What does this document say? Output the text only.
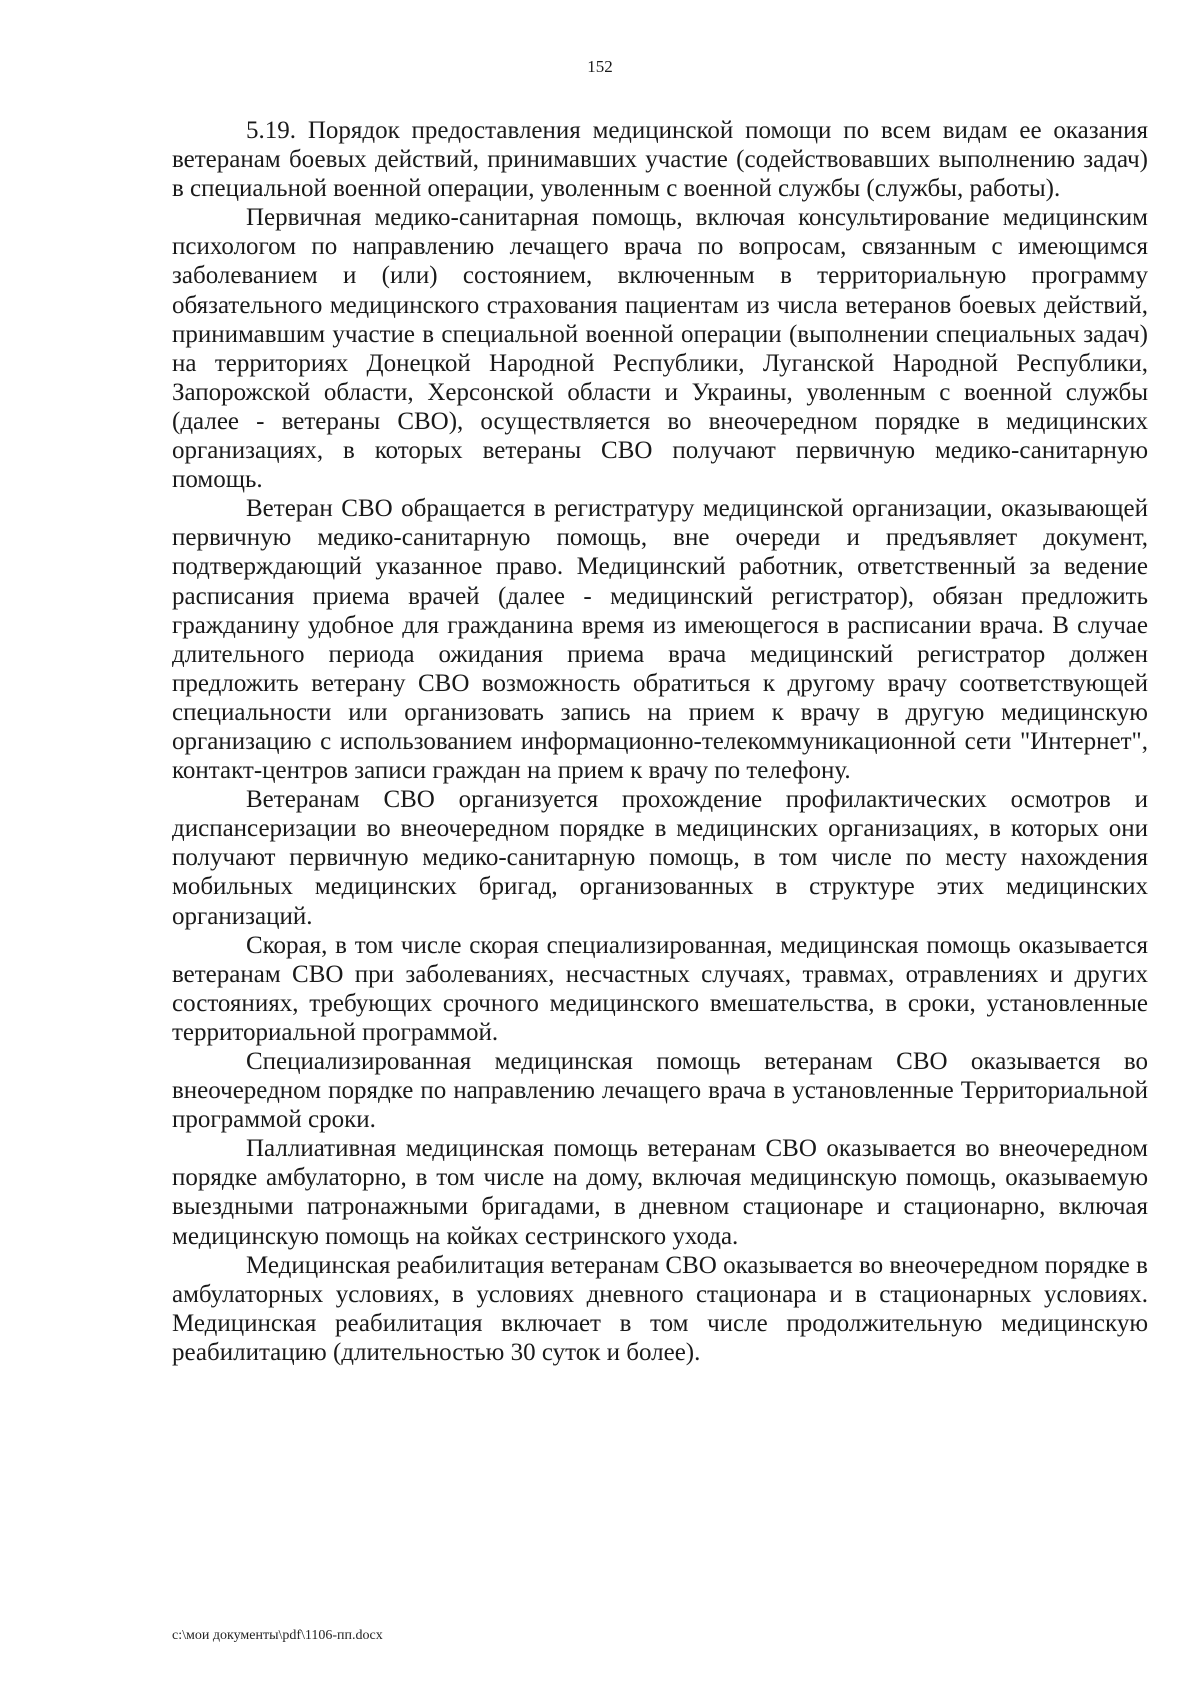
152

5.19. Порядок предоставления медицинской помощи по всем видам ее оказания ветеранам боевых действий, принимавших участие (содействовавших выполнению задач) в специальной военной операции, уволенным с военной службы (службы, работы).

Первичная медико-санитарная помощь, включая консультирование медицинским психологом по направлению лечащего врача по вопросам, связанным с имеющимся заболеванием и (или) состоянием, включенным в территориальную программу обязательного медицинского страхования пациентам из числа ветеранов боевых действий, принимавшим участие в специальной военной операции (выполнении специальных задач) на территориях Донецкой Народной Республики, Луганской Народной Республики, Запорожской области, Херсонской области и Украины, уволенным с военной службы (далее - ветераны СВО), осуществляется во внеочередном порядке в медицинских организациях, в которых ветераны СВО получают первичную медико-санитарную помощь.

Ветеран СВО обращается в регистратуру медицинской организации, оказывающей первичную медико-санитарную помощь, вне очереди и предъявляет документ, подтверждающий указанное право. Медицинский работник, ответственный за ведение расписания приема врачей (далее - медицинский регистратор), обязан предложить гражданину удобное для гражданина время из имеющегося в расписании врача. В случае длительного периода ожидания приема врача медицинский регистратор должен предложить ветерану СВО возможность обратиться к другому врачу соответствующей специальности или организовать запись на прием к врачу в другую медицинскую организацию с использованием информационно-телекоммуникационной сети "Интернет", контакт-центров записи граждан на прием к врачу по телефону.

Ветеранам СВО организуется прохождение профилактических осмотров и диспансеризации во внеочередном порядке в медицинских организациях, в которых они получают первичную медико-санитарную помощь, в том числе по месту нахождения мобильных медицинских бригад, организованных в структуре этих медицинских организаций.

Скорая, в том числе скорая специализированная, медицинская помощь оказывается ветеранам СВО при заболеваниях, несчастных случаях, травмах, отравлениях и других состояниях, требующих срочного медицинского вмешательства, в сроки, установленные территориальной программой.

Специализированная медицинская помощь ветеранам СВО оказывается во внеочередном порядке по направлению лечащего врача в установленные Территориальной программой сроки.

Паллиативная медицинская помощь ветеранам СВО оказывается во внеочередном порядке амбулаторно, в том числе на дому, включая медицинскую помощь, оказываемую выездными патронажными бригадами, в дневном стационаре и стационарно, включая медицинскую помощь на койках сестринского ухода.

Медицинская реабилитация ветеранам СВО оказывается во внеочередном порядке в амбулаторных условиях, в условиях дневного стационара и в стационарных условиях. Медицинская реабилитация включает в том числе продолжительную медицинскую реабилитацию (длительностью 30 суток и более).

c:\мои документы\pdf\1106-пп.docx
